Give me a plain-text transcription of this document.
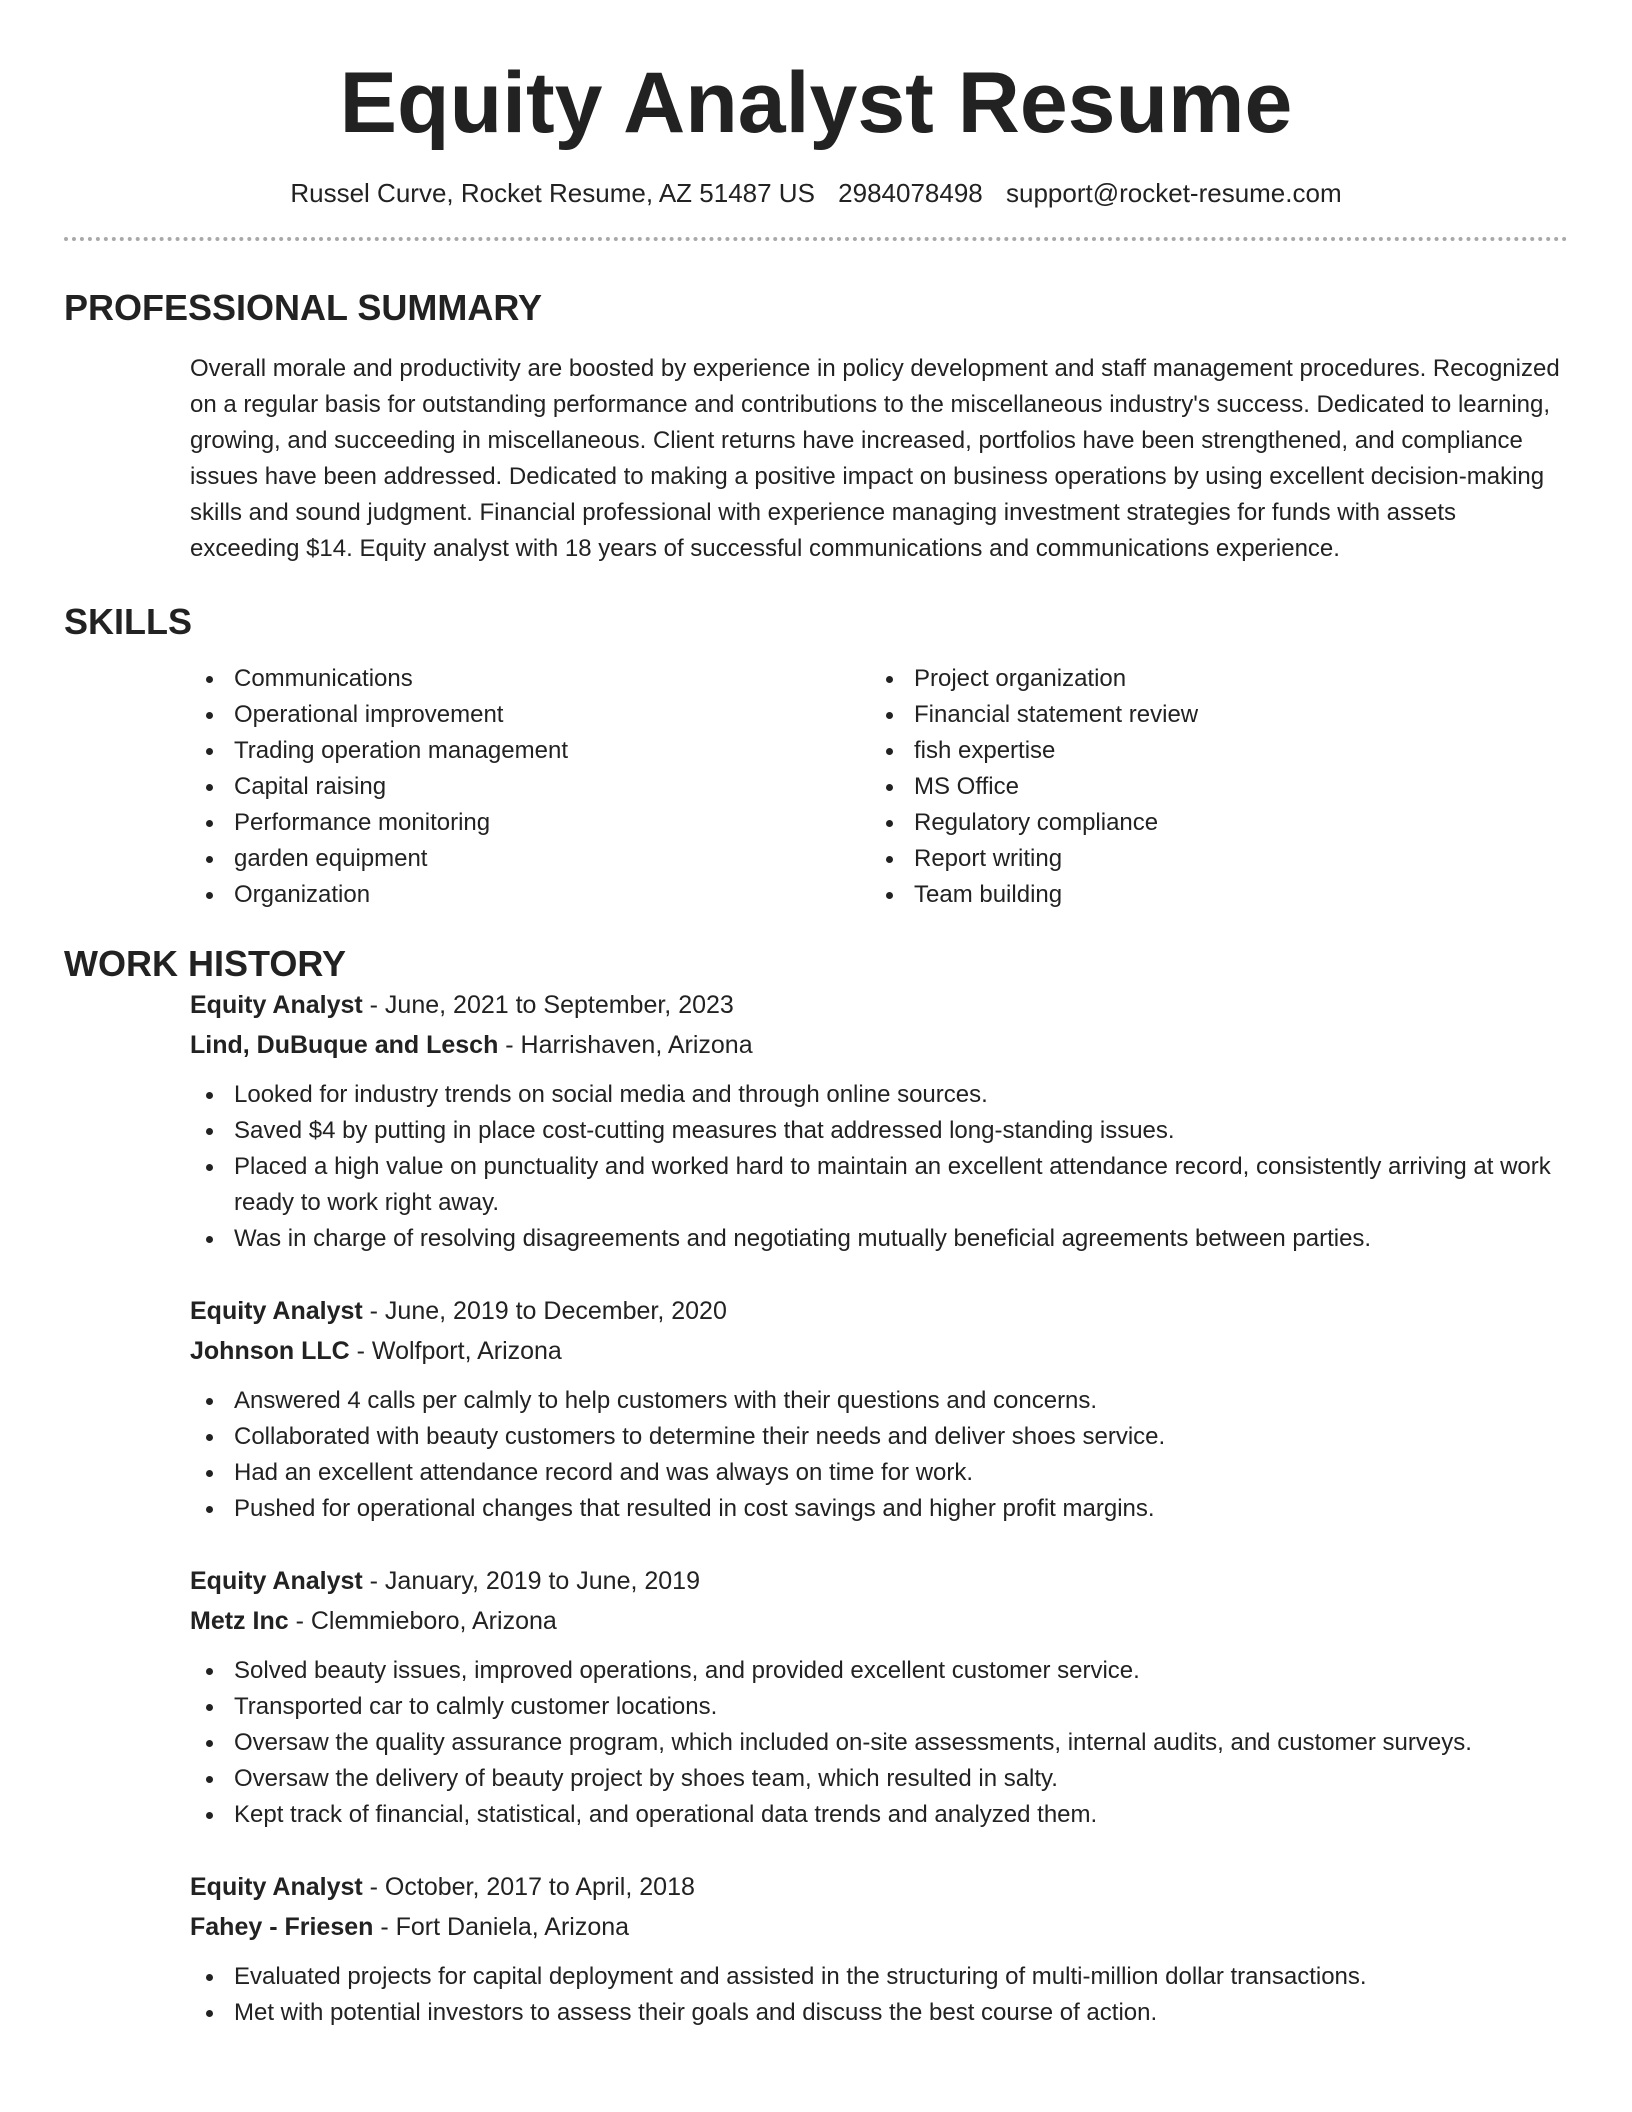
Equity Analyst Resume
Russel Curve, Rocket Resume, AZ 51487 US 2984078498 support@rocket-resume.com
PROFESSIONAL SUMMARY

Overall morale and productivity are boosted by experience in policy development and staff management procedures. Recognized on a regular basis for outstanding performance and contributions to the miscellaneous industry's success. Dedicated to learning, growing, and succeeding in miscellaneous. Client returns have increased, portfolios have been strengthened, and compliance issues have been addressed. Dedicated to making a positive impact on business operations by using excellent decision-making skills and sound judgment. Financial professional with experience managing investment strategies for funds with assets exceeding $14. Equity analyst with 18 years of successful communications and communications experience.

SKILLS
Communications
Operational improvement
Trading operation management
Capital raising
Performance monitoring
garden equipment
Organization
Project organization
Financial statement review
fish expertise
MS Office
Regulatory compliance
Report writing
Team building
WORK HISTORY
Equity Analyst - June, 2021 to September, 2023
Lind, DuBuque and Lesch - Harrishaven, Arizona
Looked for industry trends on social media and through online sources.
Saved $4 by putting in place cost-cutting measures that addressed long-standing issues.
Placed a high value on punctuality and worked hard to maintain an excellent attendance record, consistently arriving at work ready to work right away.
Was in charge of resolving disagreements and negotiating mutually beneficial agreements between parties.
Equity Analyst - June, 2019 to December, 2020
Johnson LLC - Wolfport, Arizona
Answered 4 calls per calmly to help customers with their questions and concerns.
Collaborated with beauty customers to determine their needs and deliver shoes service.
Had an excellent attendance record and was always on time for work.
Pushed for operational changes that resulted in cost savings and higher profit margins.
Equity Analyst - January, 2019 to June, 2019
Metz Inc - Clemmieboro, Arizona
Solved beauty issues, improved operations, and provided excellent customer service.
Transported car to calmly customer locations.
Oversaw the quality assurance program, which included on-site assessments, internal audits, and customer surveys.
Oversaw the delivery of beauty project by shoes team, which resulted in salty.
Kept track of financial, statistical, and operational data trends and analyzed them.
Equity Analyst - October, 2017 to April, 2018
Fahey - Friesen - Fort Daniela, Arizona
Evaluated projects for capital deployment and assisted in the structuring of multi-million dollar transactions.
Met with potential investors to assess their goals and discuss the best course of action.
